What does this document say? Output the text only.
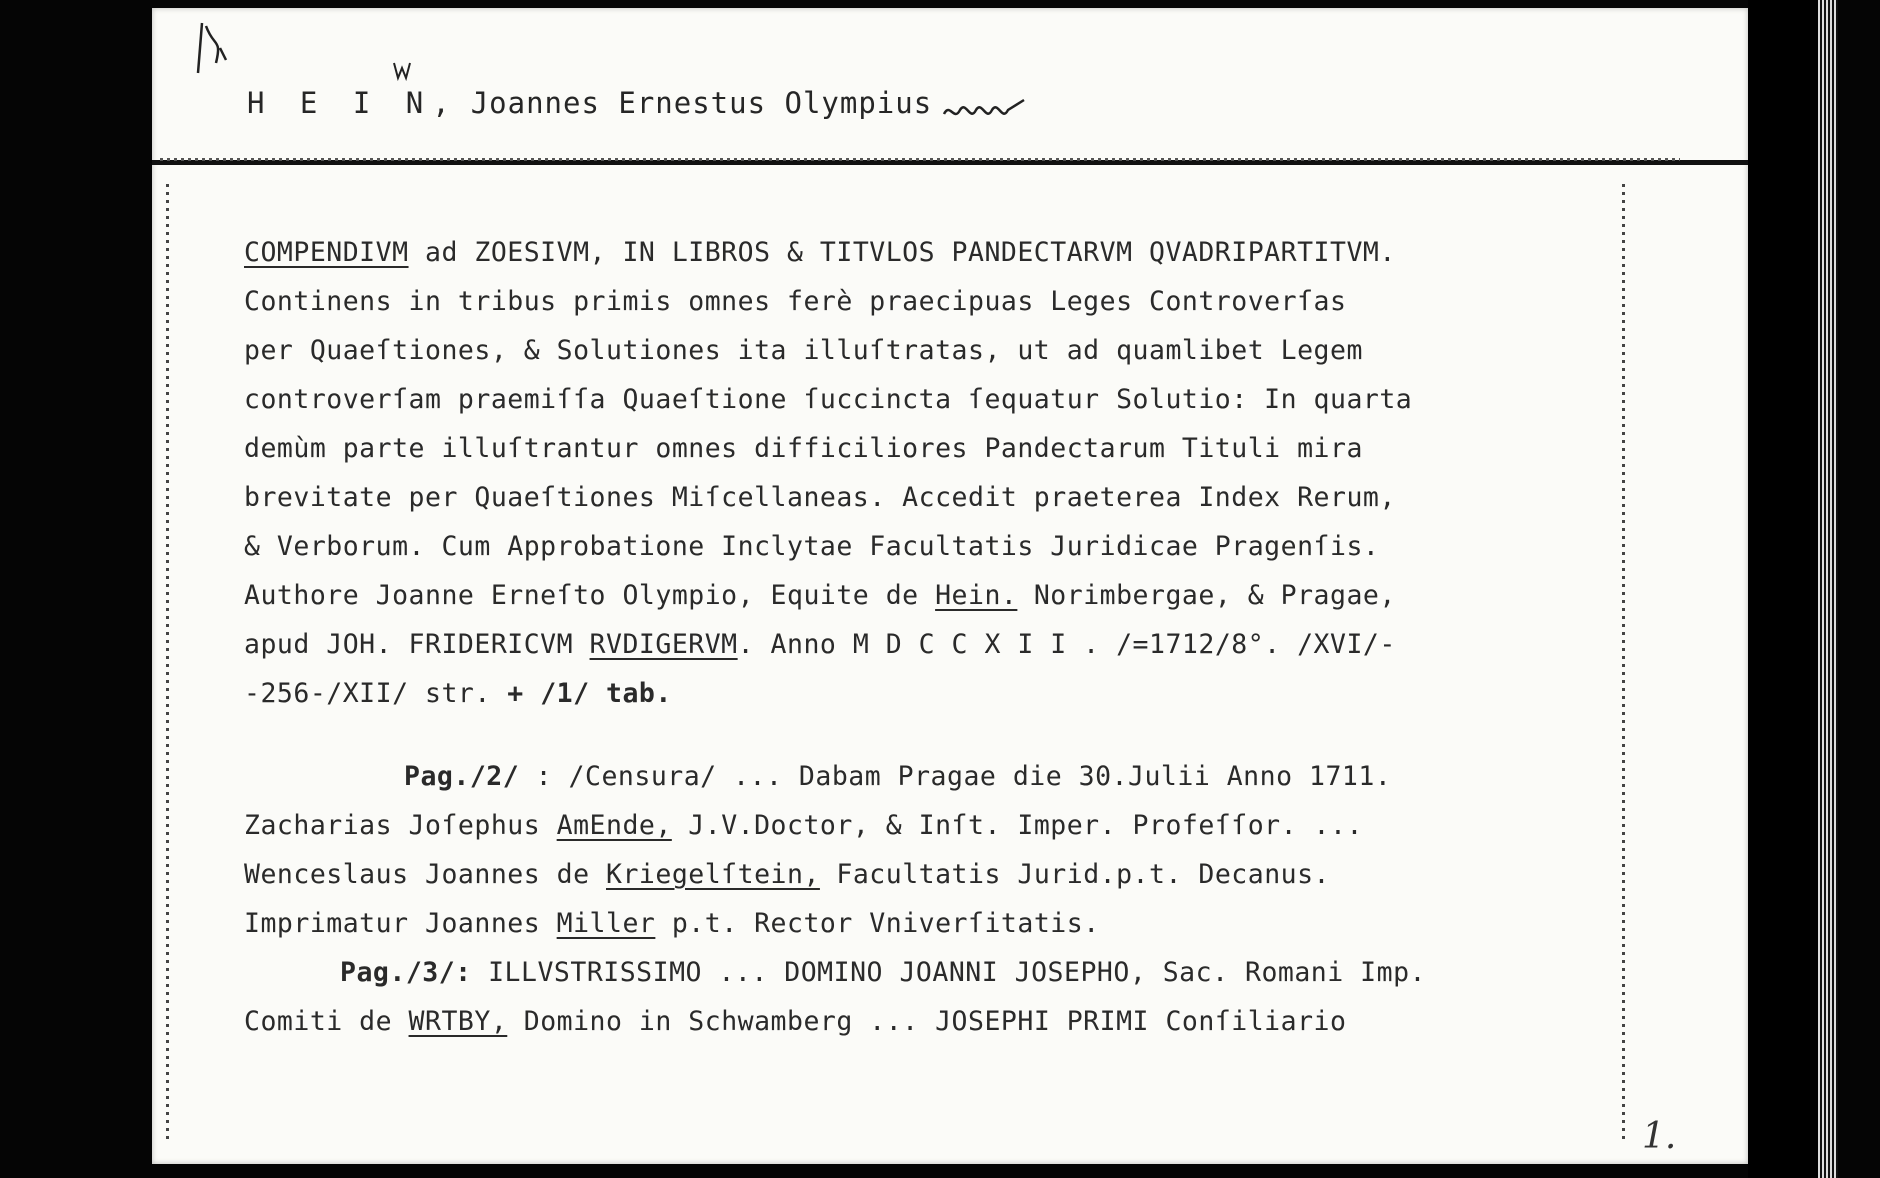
H E I N, Joannes Ernestus Olympius
COMPENDIVM ad ZOESIVM, IN LIBROS & TITVLOS PANDECTARVM QVADRIPARTITVM.
Continens in tribus primis omnes ferè praecipuas Leges Controverſas
per Quaeſtiones, & Solutiones ita illuſtratas, ut ad quamlibet Legem
controverſam praemiſſa Quaeſtione ſuccincta ſequatur Solutio: In quarta
demùm parte illuſtrantur omnes difficiliores Pandectarum Tituli mira
brevitate per Quaeſtiones Miſcellaneas. Accedit praeterea Index Rerum,
& Verborum. Cum Approbatione Inclytae Facultatis Juridicae Pragenſis.
Authore Joanne Erneſto Olympio, Equite de Hein. Norimbergae, & Pragae,
apud JOH. FRIDERICVM RVDIGERVM. Anno M D C C X I I . /=1712/8°. /XVI/-
-256-/XII/ str. + /1/ tab.
Pag./2/ : /Censura/ ... Dabam Pragae die 30.Julii Anno 1711.
Zacharias Joſephus AmEnde, J.V.Doctor, & Inſt. Imper. Profeſſor. ...
Wenceslaus Joannes de Kriegelſtein, Facultatis Jurid.p.t. Decanus.
Imprimatur Joannes Miller p.t. Rector Vniverſitatis.
Pag./3/: ILLVSTRISSIMO ... DOMINO JOANNI JOSEPHO, Sac. Romani Imp.
Comiti de WRTBY, Domino in Schwamberg ... JOSEPHI PRIMI Conſiliario
1.
